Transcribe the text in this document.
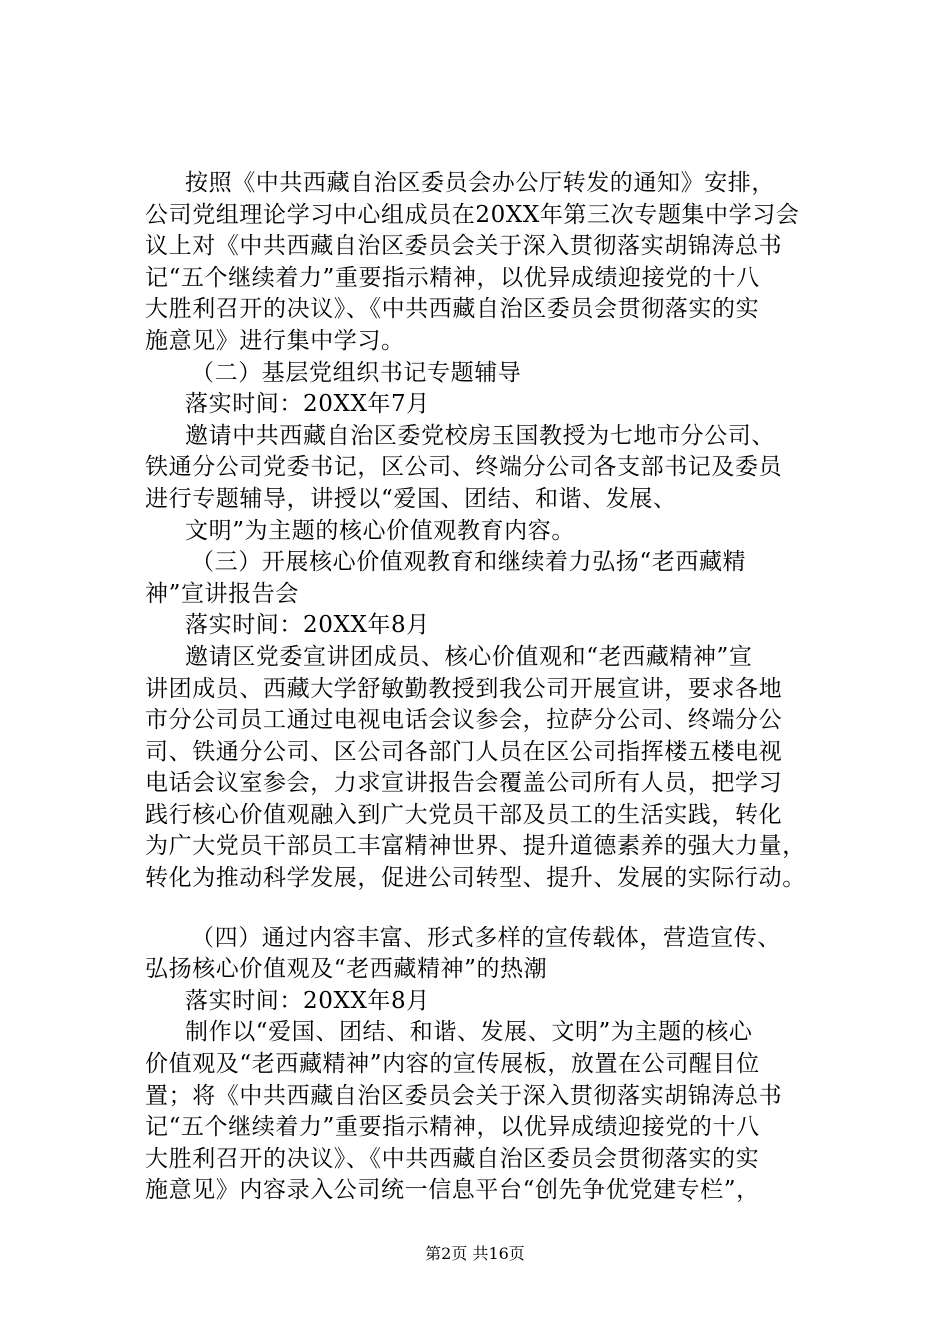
按照《中共西藏自治区委员会办公厅转发的通知》安排，
公司党组理论学习中心组成员在20XX年第三次专题集中学习会
议上对《中共西藏自治区委员会关于深入贯彻落实胡锦涛总书
记“五个继续着力”重要指示精神，以优异成绩迎接党的十八
大胜利召开的决议》、《中共西藏自治区委员会贯彻落实的实
施意见》进行集中学习。
（二）基层党组织书记专题辅导
落实时间：20XX年7月
邀请中共西藏自治区委党校房玉国教授为七地市分公司、
铁通分公司党委书记，区公司、终端分公司各支部书记及委员
进行专题辅导，讲授以“爱国、团结、和谐、发展、
文明”为主题的核心价值观教育内容。
（三）开展核心价值观教育和继续着力弘扬“老西藏精
神”宣讲报告会
落实时间：20XX年8月
邀请区党委宣讲团成员、核心价值观和“老西藏精神”宣
讲团成员、西藏大学舒敏勤教授到我公司开展宣讲，要求各地
市分公司员工通过电视电话会议参会，拉萨分公司、终端分公
司、铁通分公司、区公司各部门人员在区公司指挥楼五楼电视
电话会议室参会，力求宣讲报告会覆盖公司所有人员，把学习
践行核心价值观融入到广大党员干部及员工的生活实践，转化
为广大党员干部员工丰富精神世界、提升道德素养的强大力量，
转化为推动科学发展，促进公司转型、提升、发展的实际行动。
（四）通过内容丰富、形式多样的宣传载体，营造宣传、
弘扬核心价值观及“老西藏精神”的热潮
落实时间：20XX年8月
制作以“爱国、团结、和谐、发展、文明”为主题的核心
价值观及“老西藏精神”内容的宣传展板，放置在公司醒目位
置；将《中共西藏自治区委员会关于深入贯彻落实胡锦涛总书
记“五个继续着力”重要指示精神，以优异成绩迎接党的十八
大胜利召开的决议》、《中共西藏自治区委员会贯彻落实的实
施意见》内容录入公司统一信息平台“创先争优党建专栏”，
第2页 共16页
